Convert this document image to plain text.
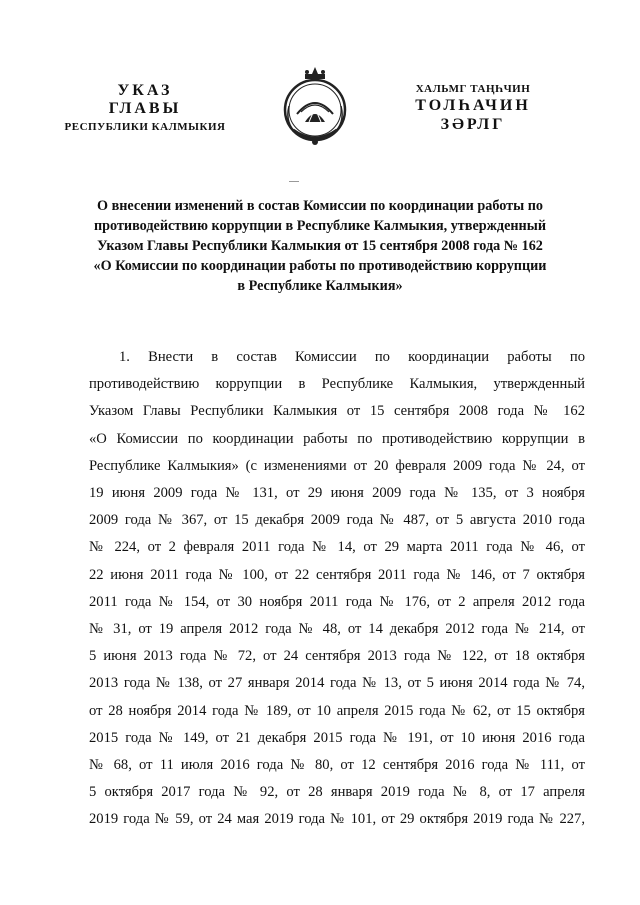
УКАЗ
ГЛАВЫ
РЕСПУБЛИКИ КАЛМЫКИЯ
ХАЛЬМГ ТАҢҺЧИН
ТОЛҺАЧИН
ЗӘРЛГ
О внесении изменений в состав Комиссии по координации работы по
противодействию коррупции в Республике Калмыкия, утвержденный
Указом Главы Республики Калмыкия от 15 сентября 2008 года № 162
«О Комиссии по координации работы по противодействию коррупции
в Республике Калмыкия»
1. Внести в состав Комиссии по координации работы по
противодействию коррупции в Республике Калмыкия, утвержденный
Указом Главы Республики Калмыкия от 15 сентября 2008 года № 162
«О Комиссии по координации работы по противодействию коррупции в
Республике Калмыкия» (с изменениями от 20 февраля 2009 года № 24, от
19 июня 2009 года № 131, от 29 июня 2009 года № 135, от 3 ноября
2009 года № 367, от 15 декабря 2009 года № 487, от 5 августа 2010 года
№ 224, от 2 февраля 2011 года № 14, от 29 марта 2011 года № 46, от
22 июня 2011 года № 100, от 22 сентября 2011 года № 146, от 7 октября
2011 года № 154, от 30 ноября 2011 года № 176, от 2 апреля 2012 года
№ 31, от 19 апреля 2012 года № 48, от 14 декабря 2012 года № 214, от
5 июня 2013 года № 72, от 24 сентября 2013 года № 122, от 18 октября
2013 года № 138, от 27 января 2014 года № 13, от 5 июня 2014 года № 74,
от 28 ноября 2014 года № 189, от 10 апреля 2015 года № 62, от 15 октября
2015 года № 149, от 21 декабря 2015 года № 191, от 10 июня 2016 года
№ 68, от 11 июля 2016 года № 80, от 12 сентября 2016 года № 111, от
5 октября 2017 года № 92, от 28 января 2019 года № 8, от 17 апреля
2019 года № 59, от 24 мая 2019 года № 101, от 29 октября 2019 года № 227,
